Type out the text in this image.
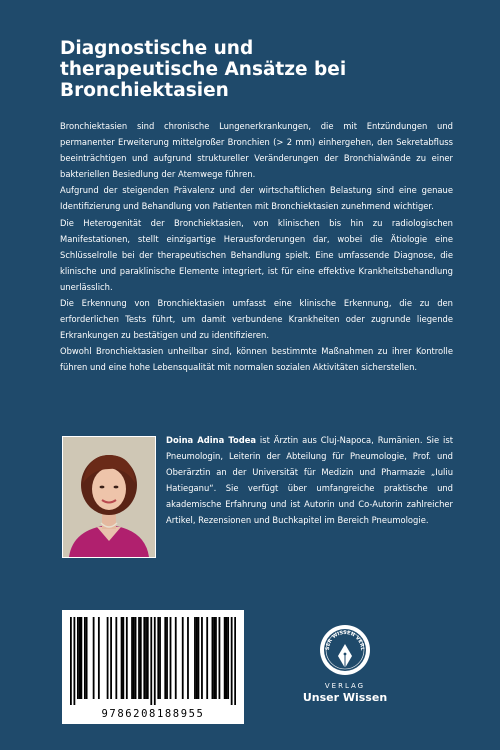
Diagnostische und
therapeutische Ansätze bei
Bronchiektasien

Bronchiektasien sind chronische Lungenerkrankungen, die mit Entzündungen und permanenter Erweiterung mittelgroßer Bronchien (> 2 mm) einhergehen, den Sekretabfluss beeinträchtigen und aufgrund struktureller Veränderungen der Bronchialwände zu einer bakteriellen Besiedlung der Atemwege führen.

Aufgrund der steigenden Prävalenz und der wirtschaftlichen Belastung sind eine genaue Identifizierung und Behandlung von Patienten mit Bronchiektasien zunehmend wichtiger.

Die Heterogenität der Bronchiektasien, von klinischen bis hin zu radiologischen Manifestationen, stellt einzigartige Herausforderungen dar, wobei die Ätiologie eine Schlüsselrolle bei der therapeutischen Behandlung spielt. Eine umfassende Diagnose, die klinische und paraklinische Elemente integriert, ist für eine effektive Krankheitsbehandlung unerlässlich.

Die Erkennung von Bronchiektasien umfasst eine klinische Erkennung, die zu den erforderlichen Tests führt, um damit verbundene Krankheiten oder zugrunde liegende Erkrankungen zu bestätigen und zu identifizieren.

Obwohl Bronchiektasien unheilbar sind, können bestimmte Maßnahmen zu ihrer Kontrolle führen und eine hohe Lebensqualität mit normalen sozialen Aktivitäten sicherstellen.

Doina Adina Todea ist Ärztin aus Cluj-Napoca, Rumänien. Sie ist Pneumologin, Leiterin der Abteilung für Pneumologie, Prof. und Oberärztin an der Universität für Medizin und Pharmazie „Iuliu Hatieganu“. Sie verfügt über umfangreiche praktische und akademische Erfahrung und ist Autorin und Co-Autorin zahlreicher Artikel, Rezensionen und Buchkapitel im Bereich Pneumologie.
9786208188955
SER WISSEN VERL
VERLAG
Unser Wissen
